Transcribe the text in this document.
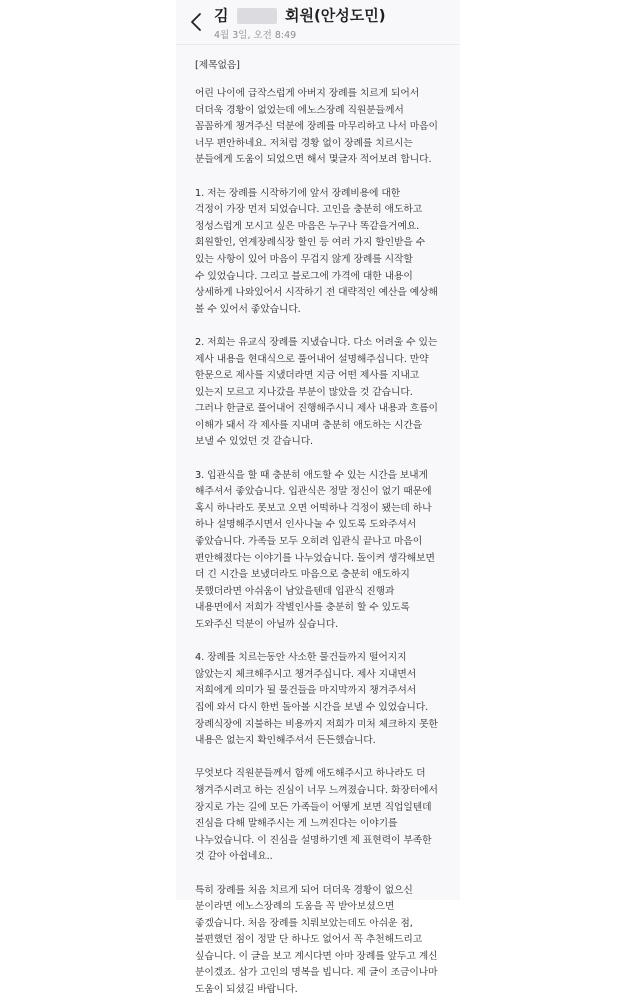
김	회원(안성도민)
4월 3일, 오전 8:49
[제목없음]
어린 나이에 급작스럽게 아버지 장례를 치르게 되어서
더더욱 경황이 없었는데 에노스장례 직원분들께서
꼼꼼하게 챙겨주신 덕분에 장례를 마무리하고 나서 마음이
너무 편안하네요. 저처럼 경황 없이 장례를 치르시는
분들에게 도움이 되었으면 해서 몇글자 적어보려 합니다.
1. 저는 장례를 시작하기에 앞서 장례비용에 대한
걱정이 가장 먼저 되었습니다. 고인을 충분히 애도하고
정성스럽게 모시고 싶은 마음은 누구나 똑같을거예요.
회원할인, 연계장례식장 할인 등 여러 가지 할인받을 수
있는 사항이 있어 마음이 무겁지 않게 장례를 시작할
수 있었습니다. 그리고 블로그에 가격에 대한 내용이
상세하게 나와있어서 시작하기 전 대략적인 예산을 예상해
볼 수 있어서 좋았습니다.
2. 저희는 유교식 장례를 지냈습니다. 다소 어려울 수 있는
제사 내용을 현대식으로 풀어내어 설명해주십니다. 만약
한문으로 제사를 지냈더라면 지금 어떤 제사를 지내고
있는지 모르고 지나갔을 부분이 많았을 것 같습니다.
그러나 한글로 풀어내어 진행해주시니 제사 내용과 흐름이
이해가 돼서 각 제사를 지내며 충분히 애도하는 시간을
보낼 수 있었던 것 같습니다.
3. 입관식을 할 때 충분히 애도할 수 있는 시간을 보내게
해주셔서 좋았습니다. 입관식은 정말 정신이 없기 때문에
혹시 하나라도 못보고 오면 어떡하나 걱정이 됐는데 하나
하나 설명해주시면서 인사나눌 수 있도록 도와주셔서
좋았습니다. 가족들 모두 오히려 입관식 끝나고 마음이
편안해졌다는 이야기를 나누었습니다. 돌이켜 생각해보면
더 긴 시간을 보냈더라도 마음으로 충분히 애도하지
못했더라면 아쉬움이 남았을텐데 입관식 진행과
내용면에서 저희가 작별인사를 충분히 할 수 있도록
도와주신 덕분이 아닐까 싶습니다.
4. 장례를 치르는동안 사소한 물건들까지 떨어지지
않았는지 체크해주시고 챙겨주십니다. 제사 지내면서
저희에게 의미가 될 물건들을 마지막까지 챙겨주셔서
집에 와서 다시 한번 돌아볼 시간을 보낼 수 있었습니다.
장례식장에 지불하는 비용까지 저희가 미처 체크하지 못한
내용은 없는지 확인해주셔서 든든했습니다.
무엇보다 직원분들께서 함께 애도해주시고 하나라도 더
챙겨주시려고 하는 진심이 너무 느껴졌습니다. 화장터에서
장지로 가는 길에 모든 가족들이 어떻게 보면 직업일텐데
진심을 다해 말해주시는 게 느껴진다는 이야기를
나누었습니다. 이 진심을 설명하기엔 제 표현력이 부족한
것 같아 아쉽네요..
특히 장례를 처음 치르게 되어 더더욱 경황이 없으신
분이라면 에노스장례의 도움을 꼭 받아보셨으면
좋겠습니다. 처음 장례를 치뤄보았는데도 아쉬운 점,
불편했던 점이 정말 단 하나도 없어서 꼭 추천해드리고
싶습니다. 이 글을 보고 계시다면 아마 장례를 앞두고 계신
분이겠죠. 삼가 고인의 명복을 빕니다. 제 글이 조금이나마
도움이 되셨길 바랍니다.
